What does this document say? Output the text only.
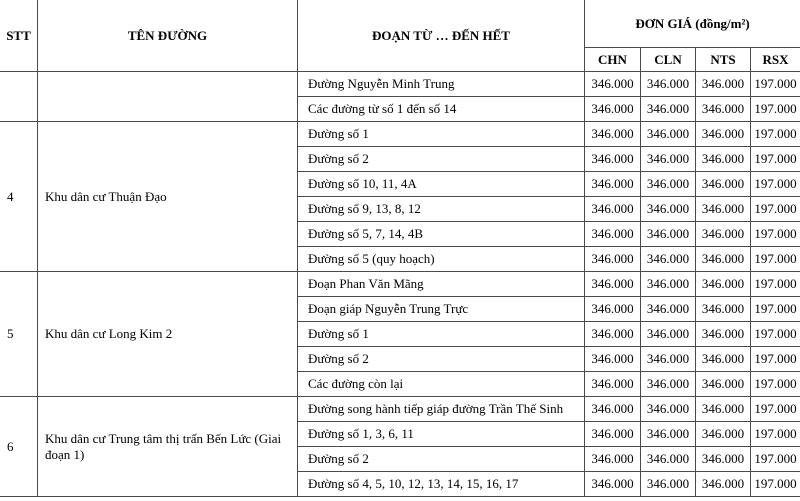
STT	TÊN ĐƯỜNG	ĐOẠN TỪ … ĐẾN HẾT	ĐƠN GIÁ (đồng/m²)			
			CHN	CLN	NTS	RSX
		Đường Nguyễn Minh Trung	346.000	346.000	346.000	197.000
		Các đường từ số 1 đến số 14	346.000	346.000	346.000	197.000
4	Khu dân cư Thuận Đạo	Đường số 1	346.000	346.000	346.000	197.000
		Đường số 2	346.000	346.000	346.000	197.000
		Đường số 10, 11, 4A	346.000	346.000	346.000	197.000
		Đường số 9, 13, 8, 12	346.000	346.000	346.000	197.000
		Đường số 5, 7, 14, 4B	346.000	346.000	346.000	197.000
		Đường số 5 (quy hoạch)	346.000	346.000	346.000	197.000
5	Khu dân cư Long Kim 2	Đoạn Phan Văn Mãng	346.000	346.000	346.000	197.000
		Đoạn giáp Nguyễn Trung Trực	346.000	346.000	346.000	197.000
		Đường số 1	346.000	346.000	346.000	197.000
		Đường số 2	346.000	346.000	346.000	197.000
		Các đường còn lại	346.000	346.000	346.000	197.000
6	Khu dân cư Trung tâm thị trấn Bến Lức (Giai đoạn 1)	Đường song hành tiếp giáp đường Trần Thế Sinh	346.000	346.000	346.000	197.000
		Đường số 1, 3, 6, 11	346.000	346.000	346.000	197.000
		Đường số 2	346.000	346.000	346.000	197.000
		Đường số 4, 5, 10, 12, 13, 14, 15, 16, 17	346.000	346.000	346.000	197.000
